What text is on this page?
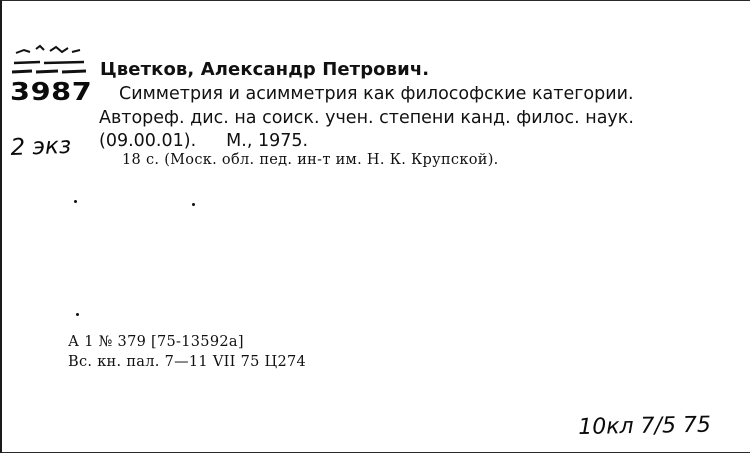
3987
2 экз
Цветков, Александр Петрович.
Симметрия и асимметрия как философские категории.
Автореф. дис. на соиск. учен. степени канд. филос. наук.
(09.00.01). М., 1975.
18 с. (Моск. обл. пед. ин-т им. Н. К. Крупской).
А 1 № 379 [75-13592а]
Вс. кн. пал. 7—11 VII 75 Ц274
10кл 7/5 75
